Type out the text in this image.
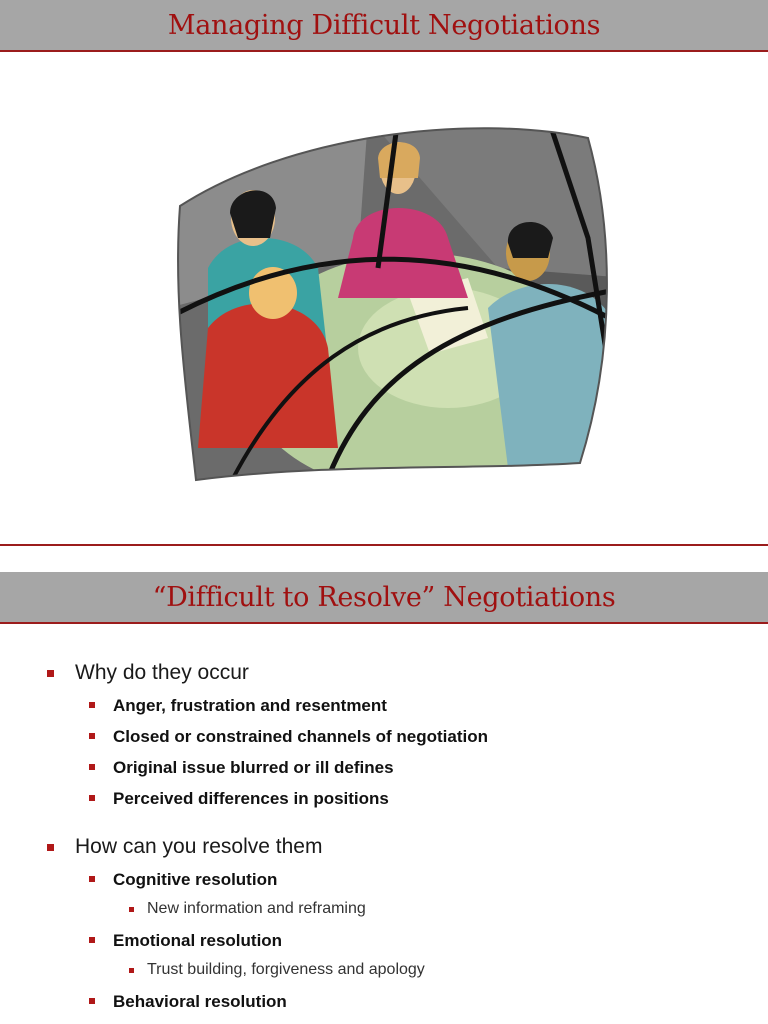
Managing Difficult Negotiations
“Difficult to Resolve” Negotiations
Why do they occur
Anger, frustration and resentment
Closed or constrained channels of negotiation
Original issue blurred or ill defines
Perceived differences in positions
How can you resolve them
Cognitive resolution
New information and reframing
Emotional resolution
Trust building, forgiveness and apology
Behavioral resolution
